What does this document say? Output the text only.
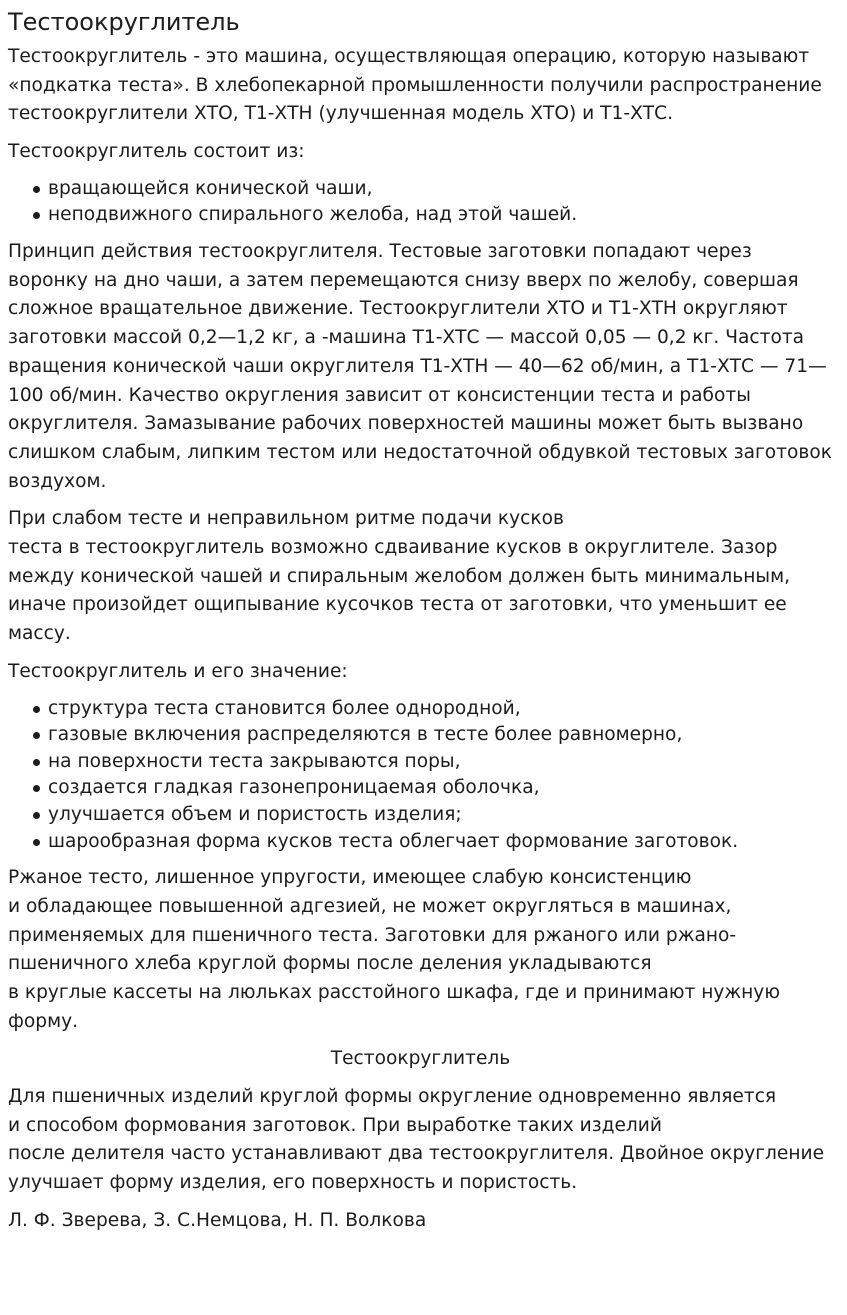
Тестоокруглитель

Тестоокруглитель - это машина, осуществляющая операцию, которую называют «подкатка теста». В хлебопекарной промышленности получили распространение тестоокруглители ХТО, Т1-ХТН (улучшенная модель ХТО) и Т1-ХТС.

Тестоокруглитель состоит из:

вращающейся конической чаши,
неподвижного спирального желоба, над этой чашей.

Принцип действия тестоокруглителя. Тестовые заготовки попадают через воронку на дно чаши, а затем перемещаются снизу вверх по желобу, совершая сложное вращательное движение. Тестоокруглители ХТО и Т1-ХТН округляют заготовки массой 0,2—1,2 кг, а -машина Т1-ХТС — массой 0,05 — 0,2 кг. Частота вращения конической чаши округлителя Т1-ХТН — 40—62 об/мин, а Т1-ХТС — 71—100 об/мин. Качество округления зависит от консистенции теста и работы округлителя. Замазывание рабочих поверхностей машины может быть вызвано слишком слабым, липким тестом или недостаточной обдувкой тестовых заготовок воздухом.

При слабом тесте и неправильном ритме подачи кусков
теста в тестоокруглитель возможно сдваивание кусков в округлителе. Зазор между конической чашей и спиральным желобом должен быть минимальным, иначе произойдет ощипывание кусочков теста от заготовки, что уменьшит ее массу.

Тестоокруглитель и его значение:

структура теста становится более однородной,
газовые включения распределяются в тесте более равномерно,
на поверхности теста закрываются поры,
создается гладкая газонепроницаемая оболочка,
улучшается объем и пористость изделия;
шарообразная форма кусков теста облегчает формование заготовок.

Ржаное тесто, лишенное упругости, имеющее слабую консистенцию
и обладающее повышенной адгезией, не может округляться в машинах, применяемых для пшеничного теста. Заготовки для ржаного или ржано-пшеничного хлеба круглой формы после деления укладываются
в круглые кассеты на люльках расстойного шкафа, где и принимают нужную форму.

Тестоокруглитель

Для пшеничных изделий круглой формы округление одновременно является
и способом формования заготовок. При выработке таких изделий
после делителя часто устанавливают два тестоокруглителя. Двойное округление улучшает форму изделия, его поверхность и пористость.

Л. Ф. Зверева, З. С.Немцова, Н. П. Волкова
